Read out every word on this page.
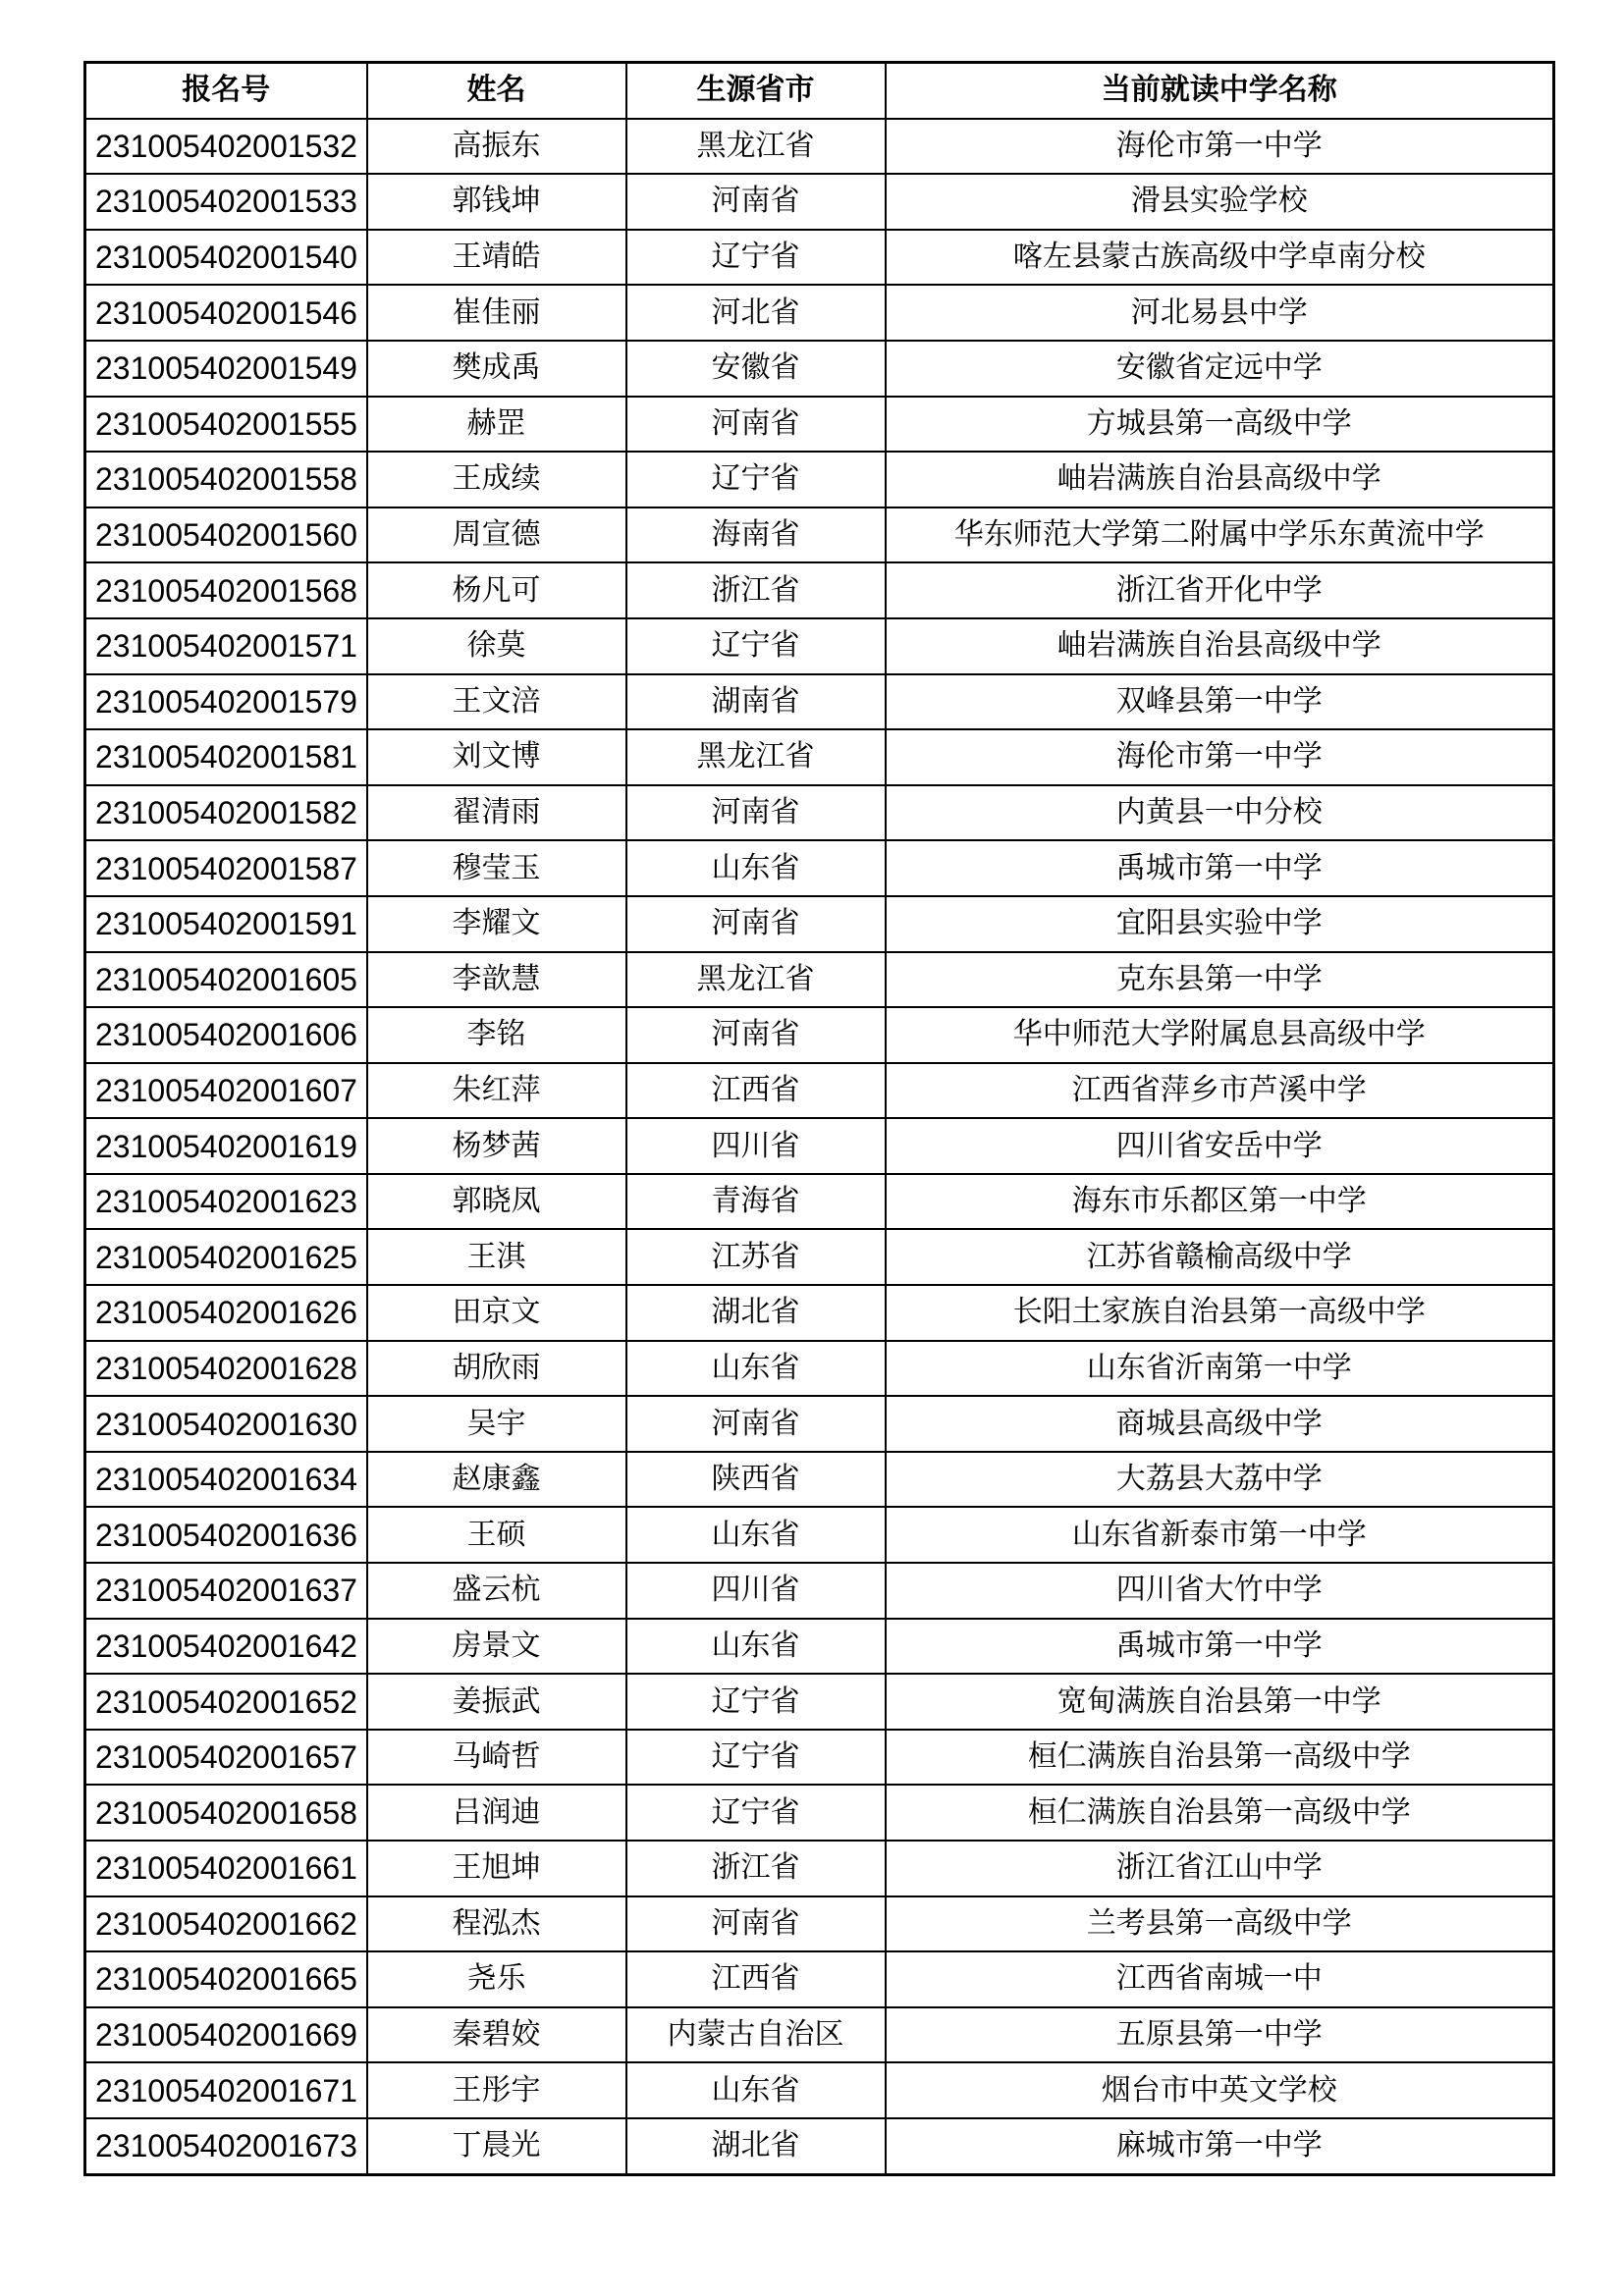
报名号	姓名	生源省市	当前就读中学名称
231005402001532	高振东	黑龙江省	海伦市第一中学
231005402001533	郭钱坤	河南省	滑县实验学校
231005402001540	王靖皓	辽宁省	喀左县蒙古族高级中学卓南分校
231005402001546	崔佳丽	河北省	河北易县中学
231005402001549	樊成禹	安徽省	安徽省定远中学
231005402001555	赫罡	河南省	方城县第一高级中学
231005402001558	王成续	辽宁省	岫岩满族自治县高级中学
231005402001560	周宣德	海南省	华东师范大学第二附属中学乐东黄流中学
231005402001568	杨凡可	浙江省	浙江省开化中学
231005402001571	徐莫	辽宁省	岫岩满族自治县高级中学
231005402001579	王文涪	湖南省	双峰县第一中学
231005402001581	刘文博	黑龙江省	海伦市第一中学
231005402001582	翟清雨	河南省	内黄县一中分校
231005402001587	穆莹玉	山东省	禹城市第一中学
231005402001591	李耀文	河南省	宜阳县实验中学
231005402001605	李歆慧	黑龙江省	克东县第一中学
231005402001606	李铭	河南省	华中师范大学附属息县高级中学
231005402001607	朱红萍	江西省	江西省萍乡市芦溪中学
231005402001619	杨梦茜	四川省	四川省安岳中学
231005402001623	郭晓凤	青海省	海东市乐都区第一中学
231005402001625	王淇	江苏省	江苏省赣榆高级中学
231005402001626	田京文	湖北省	长阳土家族自治县第一高级中学
231005402001628	胡欣雨	山东省	山东省沂南第一中学
231005402001630	吴宇	河南省	商城县高级中学
231005402001634	赵康鑫	陕西省	大荔县大荔中学
231005402001636	王硕	山东省	山东省新泰市第一中学
231005402001637	盛云杭	四川省	四川省大竹中学
231005402001642	房景文	山东省	禹城市第一中学
231005402001652	姜振武	辽宁省	宽甸满族自治县第一中学
231005402001657	马崎哲	辽宁省	桓仁满族自治县第一高级中学
231005402001658	吕润迪	辽宁省	桓仁满族自治县第一高级中学
231005402001661	王旭坤	浙江省	浙江省江山中学
231005402001662	程泓杰	河南省	兰考县第一高级中学
231005402001665	尧乐	江西省	江西省南城一中
231005402001669	秦碧姣	内蒙古自治区	五原县第一中学
231005402001671	王彤宇	山东省	烟台市中英文学校
231005402001673	丁晨光	湖北省	麻城市第一中学
